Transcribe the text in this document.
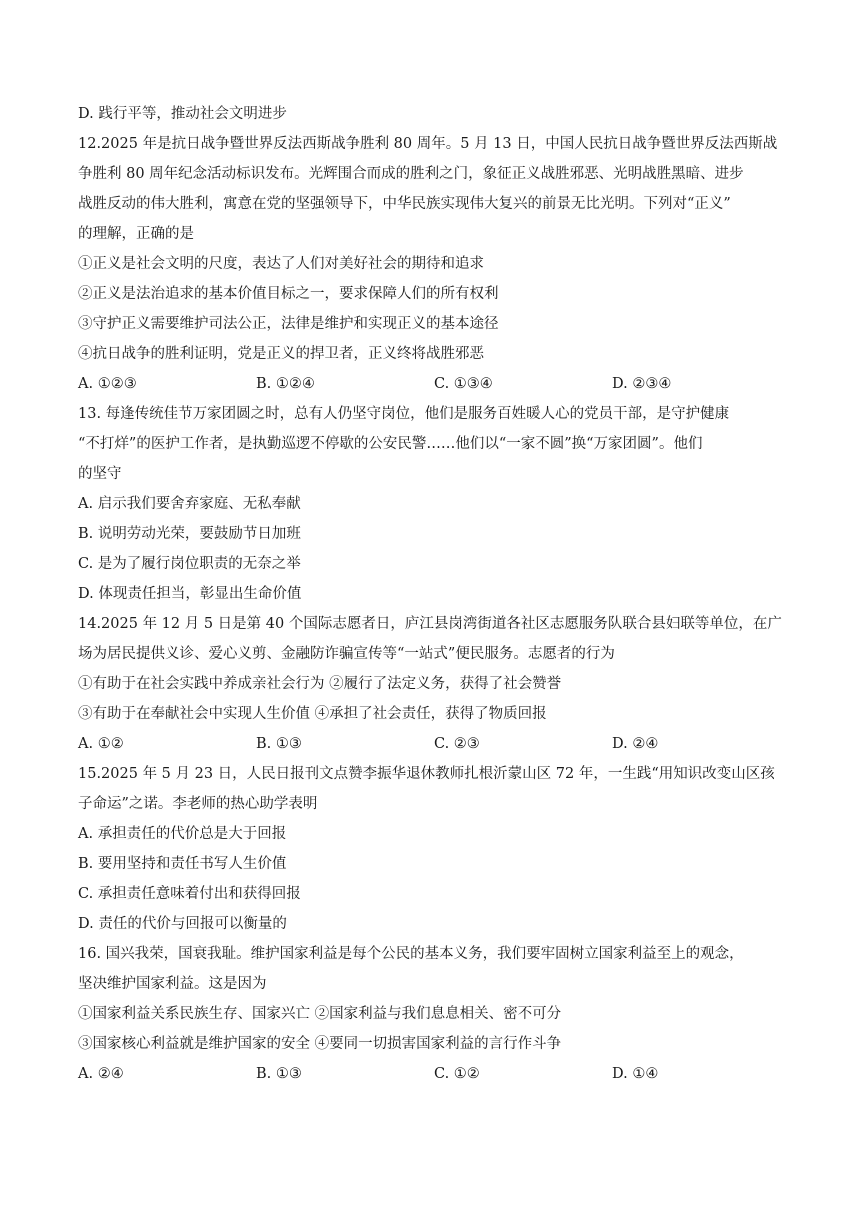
D. 践行平等，推动社会文明进步
12.2025 年是抗日战争暨世界反法西斯战争胜利 80 周年。5 月 13 日，中国人民抗日战争暨世界反法西斯战
争胜利 80 周年纪念活动标识发布。光辉围合而成的胜利之门，象征正义战胜邪恶、光明战胜黑暗、进步
战胜反动的伟大胜利，寓意在党的坚强领导下，中华民族实现伟大复兴的前景无比光明。下列对“正义”
的理解，正确的是
①正义是社会文明的尺度，表达了人们对美好社会的期待和追求
②正义是法治追求的基本价值目标之一，要求保障人们的所有权利
③守护正义需要维护司法公正，法律是维护和实现正义的基本途径
④抗日战争的胜利证明，党是正义的捍卫者，正义终将战胜邪恶
A. ①②③	B. ①②④	C. ①③④	D. ②③④
13. 每逢传统佳节万家团圆之时，总有人仍坚守岗位，他们是服务百姓暖人心的党员干部，是守护健康
“不打烊”的医护工作者，是执勤巡逻不停歇的公安民警……他们以“一家不圆”换“万家团圆”。他们
的坚守
A. 启示我们要舍弃家庭、无私奉献
B. 说明劳动光荣，要鼓励节日加班
C. 是为了履行岗位职责的无奈之举
D. 体现责任担当，彰显出生命价值
14.2025 年 12 月 5 日是第 40 个国际志愿者日，庐江县岗湾街道各社区志愿服务队联合县妇联等单位，在广
场为居民提供义诊、爱心义剪、金融防诈骗宣传等“一站式”便民服务。志愿者的行为
①有助于在社会实践中养成亲社会行为 ②履行了法定义务，获得了社会赞誉
③有助于在奉献社会中实现人生价值 ④承担了社会责任，获得了物质回报
A. ①②	B. ①③	C. ②③	D. ②④
15.2025 年 5 月 23 日，人民日报刊文点赞李振华退休教师扎根沂蒙山区 72 年，一生践“用知识改变山区孩
子命运”之诺。李老师的热心助学表明
A. 承担责任的代价总是大于回报
B. 要用坚持和责任书写人生价值
C. 承担责任意味着付出和获得回报
D. 责任的代价与回报可以衡量的
16. 国兴我荣，国衰我耻。维护国家利益是每个公民的基本义务，我们要牢固树立国家利益至上的观念，
坚决维护国家利益。这是因为
①国家利益关系民族生存、国家兴亡 ②国家利益与我们息息相关、密不可分
③国家核心利益就是维护国家的安全 ④要同一切损害国家利益的言行作斗争
A. ②④	B. ①③	C. ①②	D. ①④
